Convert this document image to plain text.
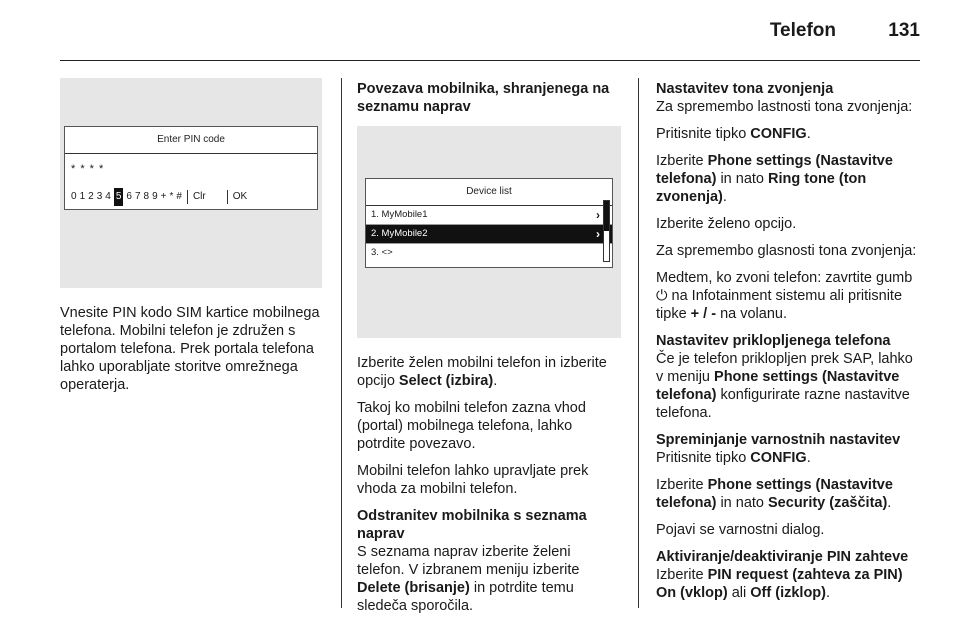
Telefon	131
Enter PIN code
* * * *
0 1 2 3 4 5 6 7 8 9 + * # Clr	OK

Vnesite PIN kodo SIM kartice mobilnega telefona. Mobilni telefon je združen s portalom telefona. Prek portala telefona lahko uporabljate storitve omrežnega operaterja.

Povezava mobilnika, shranjenega na seznamu naprav
Device list
1. MyMobile1	›
2. MyMobile2	›
3. <>

Izberite želen mobilni telefon in izberite opcijo Select (izbira).

Takoj ko mobilni telefon zazna vhod (portal) mobilnega telefona, lahko potrdite povezavo.

Mobilni telefon lahko upravljate prek vhoda za mobilni telefon.

Odstranitev mobilnika s seznama naprav

S seznama naprav izberite želeni telefon. V izbranem meniju izberite Delete (brisanje) in potrdite temu sledeča sporočila.

Nastavitev tona zvonjenja

Za spremembo lastnosti tona zvonjenja:

Pritisnite tipko CONFIG.

Izberite Phone settings (Nastavitve telefona) in nato Ring tone (ton zvonenja).

Izberite želeno opcijo.

Za spremembo glasnosti tona zvonjenja:

Medtem, ko zvoni telefon: zavrtite gumb ⏻ na Infotainment sistemu ali pritisnite tipke + / - na volanu.

Nastavitev priklopljenega telefona

Če je telefon priklopljen prek SAP, lahko v meniju Phone settings (Nastavitve telefona) konfigurirate razne nastavitve telefona.

Spreminjanje varnostnih nastavitev

Pritisnite tipko CONFIG.

Izberite Phone settings (Nastavitve telefona) in nato Security (zaščita).

Pojavi se varnostni dialog.

Aktiviranje/deaktiviranje PIN zahteve

Izberite PIN request (zahteva za PIN) On (vklop) ali Off (izklop).
